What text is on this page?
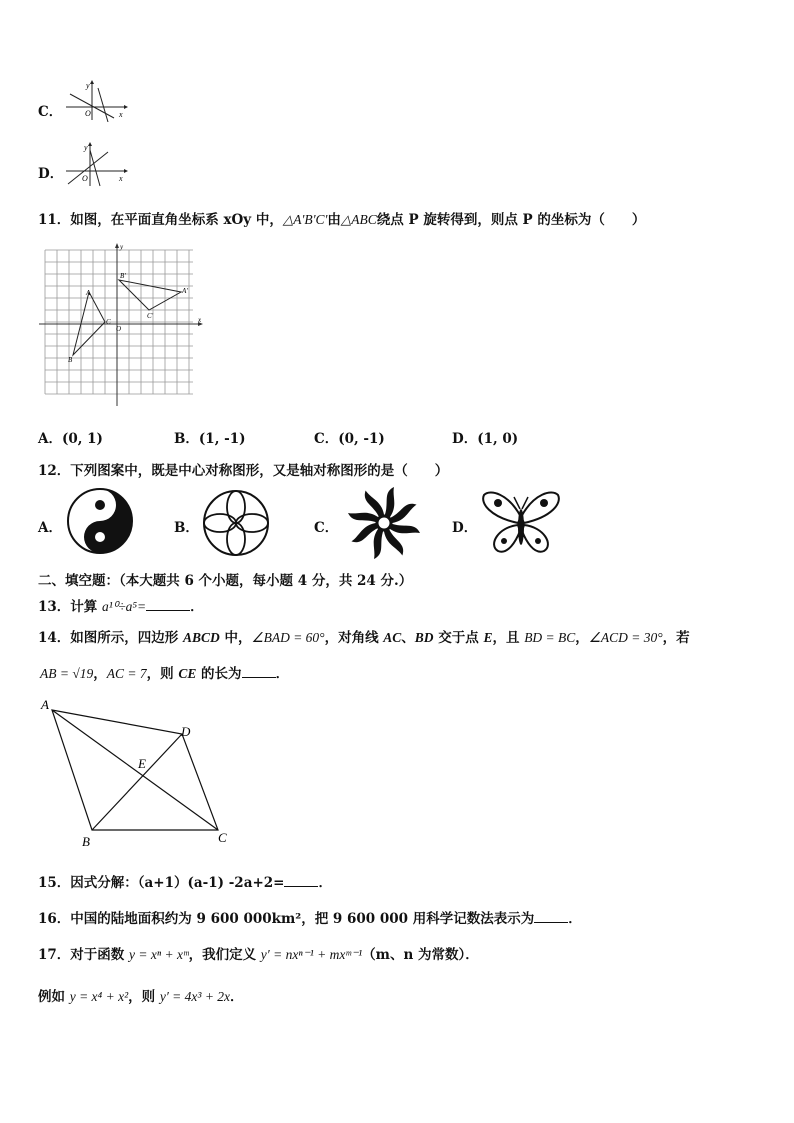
C．
y
x
O
D．
y
x
O
11．如图，在平面直角坐标系 xOy 中，△A'B'C'由△ABC绕点 P 旋转得到，则点 P 的坐标为（　　）
A
B
C
A'
B'
C'
O
x
y
A．(0, 1)	B．(1, -1)	C．(0, -1)	D．(1, 0)
12．下列图案中，既是中心对称图形，又是轴对称图形的是（　　）
A．	B．	C．	D．
二、填空题：（本大题共 6 个小题，每小题 4 分，共 24 分.）
13．计算 a¹⁰÷a⁵=	．
14．如图所示，四边形 ABCD 中，∠BAD = 60°，对角线 AC、BD 交于点 E，且 BD = BC，∠ACD = 30°，若
AB = √19，AC = 7，则 CE 的长为	．
A
D
E
B	C
15．因式分解：（a+1）(a-1) -2a+2=	．
16．中国的陆地面积约为 9 600 000km²，把 9 600 000 用科学记数法表示为	．
17．对于函数 y = xⁿ + xᵐ，我们定义 y′ = nxⁿ⁻¹ + mxᵐ⁻¹（m、n 为常数）．
例如 y = x⁴ + x²，则 y′ = 4x³ + 2x．
